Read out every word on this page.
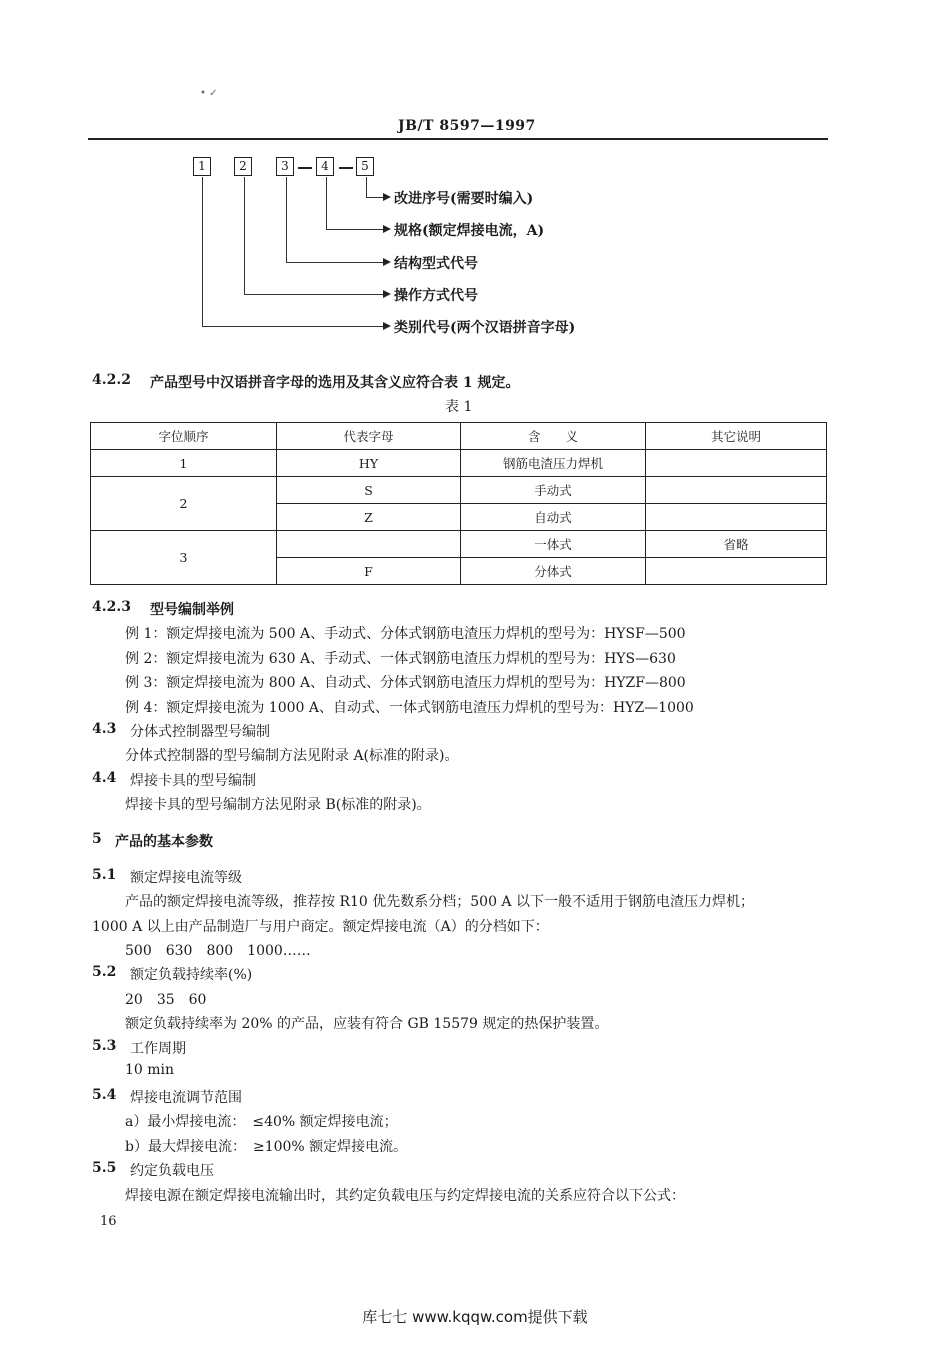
• ✓
JB/T 8597—1997
1	2	3	4	5
改进序号(需要时编入)
规格(额定焊接电流，A)
结构型式代号
操作方式代号
类别代号(两个汉语拼音字母)
4.2.2 产品型号中汉语拼音字母的选用及其含义应符合表 1 规定。
表 1
字位顺序	代表字母	含　　义	其它说明
1	HY	钢筋电渣压力焊机	
2	S	手动式	
	Z	自动式	
3		一体式	省略
	F	分体式	
4.2.3 型号编制举例
例 1：额定焊接电流为 500 A、手动式、分体式钢筋电渣压力焊机的型号为：HYSF—500
例 2：额定焊接电流为 630 A、手动式、一体式钢筋电渣压力焊机的型号为：HYS—630
例 3：额定焊接电流为 800 A、自动式、分体式钢筋电渣压力焊机的型号为：HYZF—800
例 4：额定焊接电流为 1000 A、自动式、一体式钢筋电渣压力焊机的型号为：HYZ—1000
4.3 分体式控制器型号编制
分体式控制器的型号编制方法见附录 A(标准的附录)。
4.4 焊接卡具的型号编制
焊接卡具的型号编制方法见附录 B(标准的附录)。
5 产品的基本参数
5.1 额定焊接电流等级
产品的额定焊接电流等级，推荐按 R10 优先数系分档；500 A 以下一般不适用于钢筋电渣压力焊机；
1000 A 以上由产品制造厂与用户商定。额定焊接电流（A）的分档如下：
500　630　800　1000……
5.2 额定负载持续率(%)
20　35　60
额定负载持续率为 20% 的产品，应装有符合 GB 15579 规定的热保护装置。
5.3 工作周期
10 min
5.4 焊接电流调节范围
a）最小焊接电流：　≤40% 额定焊接电流；
b）最大焊接电流：　≥100% 额定焊接电流。
5.5 约定负载电压
焊接电源在额定焊接电流输出时，其约定负载电压与约定焊接电流的关系应符合以下公式：
16
库七七 www.kqqw.com提供下载
